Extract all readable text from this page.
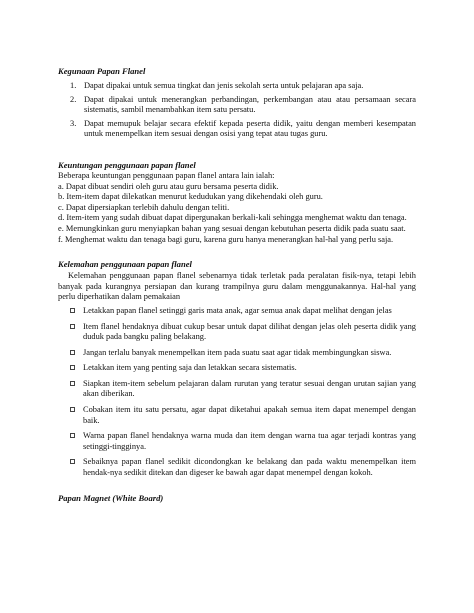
Kegunaan Papan Flanel
1. Dapat dipakai untuk semua tingkat dan jenis sekolah serta untuk pelajaran apa saja.
2. Dapat dipakai untuk menerangkan perbandingan, perkembangan atau atau persamaan secara sistematis, sambil menambahkan item satu persatu.
3. Dapat memupuk belajar secara efektif kepada peserta didik, yaitu dengan memberi kesempatan untuk menempelkan item sesuai dengan osisi yang tepat atau tugas guru.
Keuntungan penggunaan papan flanel

Beberapa keuntungan penggunaan papan flanel antara lain ialah:

a. Dapat dibuat sendiri oleh guru atau guru bersama peserta didik.

b. Item-item dapat dilekatkan menurut kedudukan yang dikehendaki oleh guru.

c. Dapat dipersiapkan terlebih dahulu dengan teliti.

d. Item-item yang sudah dibuat dapat dipergunakan berkali-kali sehingga menghemat waktu dan tenaga.

e. Memungkinkan guru menyiapkan bahan yang sesuai dengan kebutuhan peserta didik pada suatu saat.

f. Menghemat waktu dan tenaga bagi guru, karena guru hanya menerangkan hal-hal yang perlu saja.

Kelemahan penggunaan papan flanel

Kelemahan penggunaan papan flanel sebenarnya tidak terletak pada peralatan fisik-nya, tetapi lebih banyak pada kurangnya persiapan dan kurang trampilnya guru dalam menggunakannya. Hal-hal yang perlu diperhatikan dalam pemakaian

Letakkan papan flanel setinggi garis mata anak, agar semua anak dapat melihat dengan jelas
Item flanel hendaknya dibuat cukup besar untuk dapat dilihat dengan jelas oleh peserta didik yang duduk pada bangku paling belakang.
Jangan terlalu banyak menempelkan item pada suatu saat agar tidak membingungkan siswa.
Letakkan item yang penting saja dan letakkan secara sistematis.
Siapkan item-item sebelum pelajaran dalam rurutan yang teratur sesuai dengan urutan sajian yang akan diberikan.
Cobakan item itu satu persatu, agar dapat diketahui apakah semua item dapat menempel dengan baik.
Warna papan flanel hendaknya warna muda dan item dengan warna tua agar terjadi kontras yang setinggi-tingginya.
Sebaiknya papan flanel sedikit dicondongkan ke belakang dan pada waktu menempelkan item hendak-nya sedikit ditekan dan digeser ke bawah agar dapat menempel dengan kokoh.
Papan Magnet (White Board)
